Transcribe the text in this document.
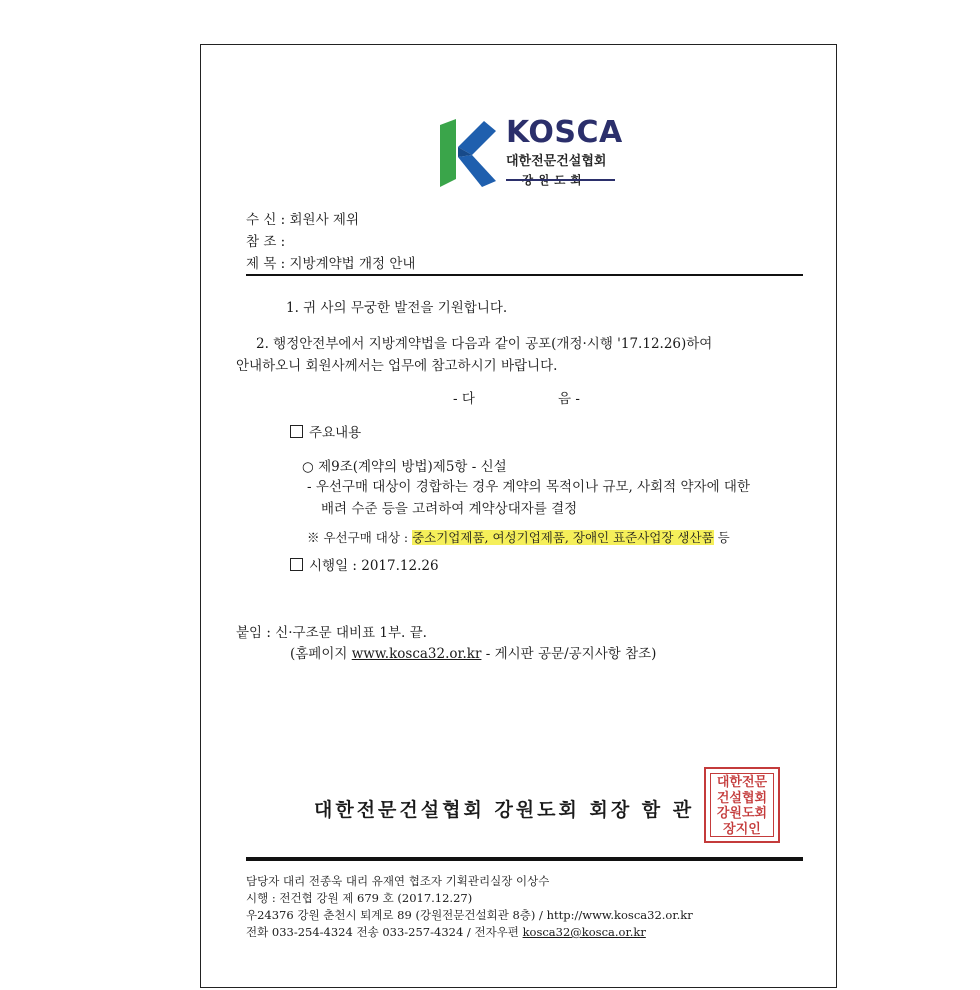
KOSCA
대한전문건설협회
수 신 : 회원사 제위
참 조 :
제 목 : 지방계약법 개정 안내
1. 귀 사의 무궁한 발전을 기원합니다.
2. 행정안전부에서 지방계약법을 다음과 같이 공포(개정·시행 '17.12.26)하여
안내하오니 회원사께서는 업무에 참고하시기 바랍니다.
- 다	음 -
주요내용
○ 제9조(계약의 방법)제5항 - 신설
- 우선구매 대상이 경합하는 경우 계약의 목적이나 규모, 사회적 약자에 대한
배려 수준 등을 고려하여 계약상대자를 결정
※ 우선구매 대상 : 중소기업제품, 여성기업제품, 장애인 표준사업장 생산품 등
시행일 : 2017.12.26
붙임 : 신·구조문 대비표 1부. 끝.
(홈페이지 www.kosca32.or.kr - 게시판 공문/공지사항 참조)
대한전문건설협회 강원도회 회장 함 관
대한전문건설협회강원도회장지인
담당자 대리 전종욱 대리 유재연 협조자 기획관리실장 이상수
시행 : 전건협 강원 제 679 호 (2017.12.27)
우24376 강원 춘천시 퇴계로 89 (강원전문건설회관 8층) / http://www.kosca32.or.kr
전화 033-254-4324 전송 033-257-4324 / 전자우편 kosca32@kosca.or.kr
